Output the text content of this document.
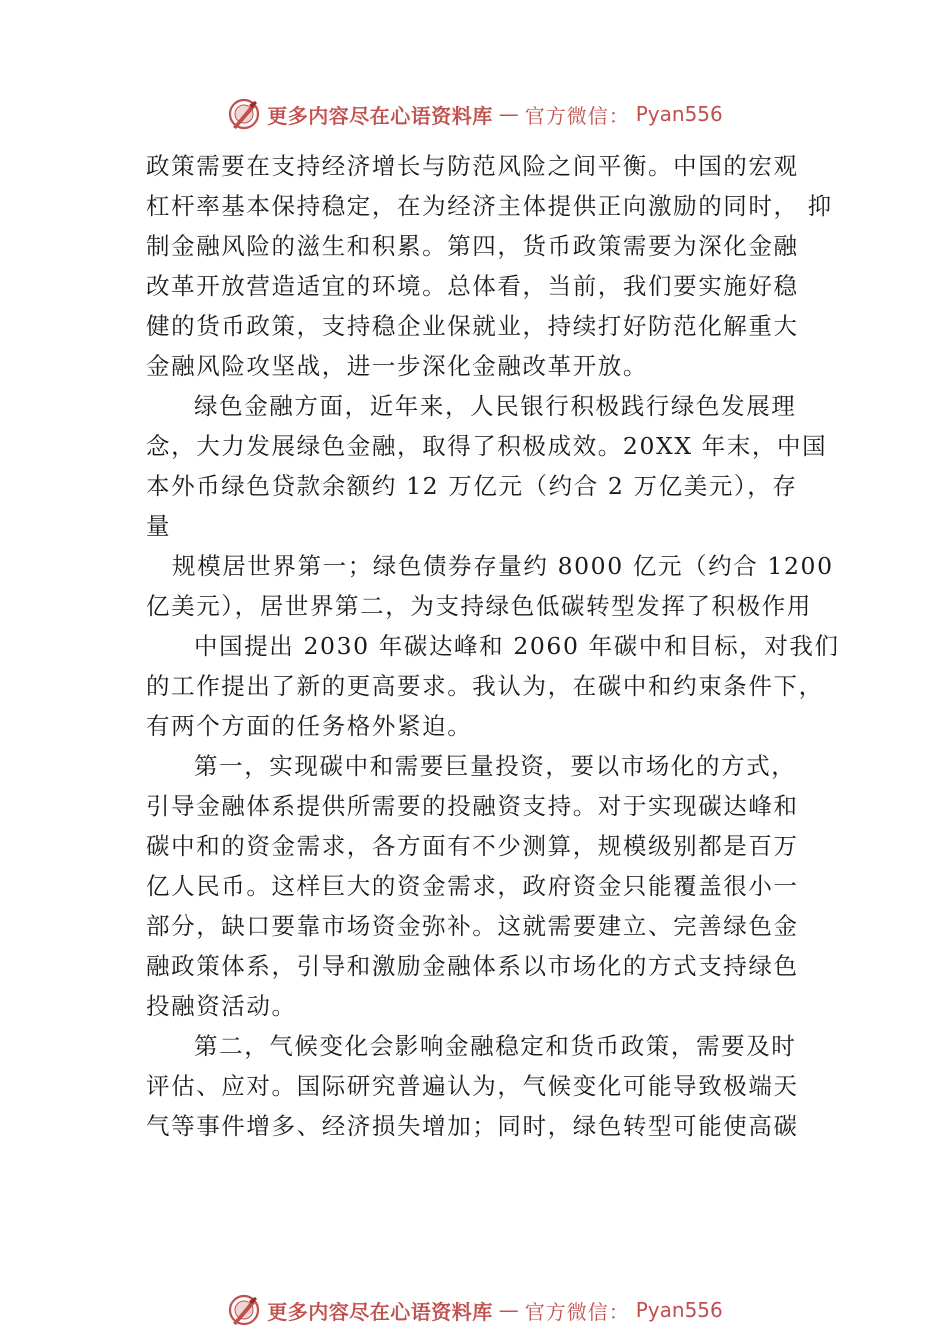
更多内容尽在心语资料库 — 官方微信： Pyan556
政策需要在支持经济增长与防范风险之间平衡。中国的宏观
杠杆率基本保持稳定，在为经济主体提供正向激励的同时， 抑
制金融风险的滋生和积累。第四，货币政策需要为深化金融
改革开放营造适宜的环境。总体看，当前，我们要实施好稳
健的货币政策，支持稳企业保就业，持续打好防范化解重大
金融风险攻坚战，进一步深化金融改革开放。
绿色金融方面，近年来，人民银行积极践行绿色发展理
念，大力发展绿色金融，取得了积极成效。20XX 年末，中国
本外币绿色贷款余额约 12 万亿元（约合 2 万亿美元），存
量
规模居世界第一；绿色债券存量约 8000 亿元（约合 1200
亿美元），居世界第二，为支持绿色低碳转型发挥了积极作用
中国提出 2030 年碳达峰和 2060 年碳中和目标，对我们
的工作提出了新的更高要求。我认为，在碳中和约束条件下，
有两个方面的任务格外紧迫。
第一，实现碳中和需要巨量投资，要以市场化的方式，
引导金融体系提供所需要的投融资支持。对于实现碳达峰和
碳中和的资金需求，各方面有不少测算，规模级别都是百万
亿人民币。这样巨大的资金需求，政府资金只能覆盖很小一
部分，缺口要靠市场资金弥补。这就需要建立、完善绿色金
融政策体系，引导和激励金融体系以市场化的方式支持绿色
投融资活动。
第二，气候变化会影响金融稳定和货币政策，需要及时
评估、应对。国际研究普遍认为，气候变化可能导致极端天
气等事件增多、经济损失增加；同时，绿色转型可能使高碳
更多内容尽在心语资料库 — 官方微信： Pyan556
